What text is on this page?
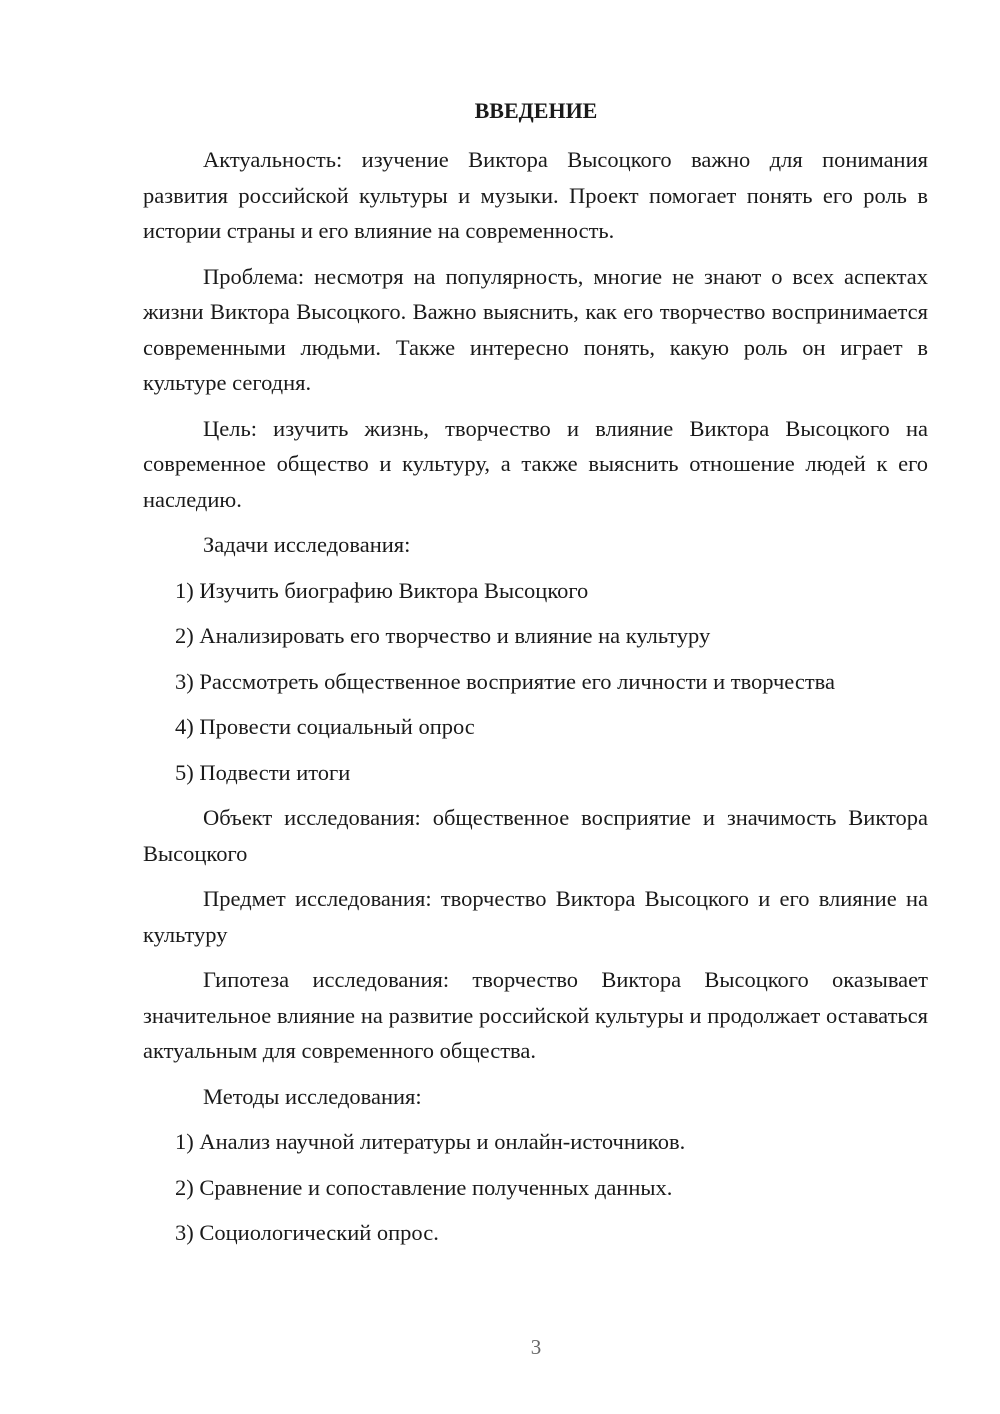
ВВЕДЕНИЕ

Актуальность: изучение Виктора Высоцкого важно для понимания развития российской культуры и музыки. Проект помогает понять его роль в истории страны и его влияние на современность.

Проблема: несмотря на популярность, многие не знают о всех аспектах жизни Виктора Высоцкого. Важно выяснить, как его творчество воспринимается современными людьми. Также интересно понять, какую роль он играет в культуре сегодня.

Цель: изучить жизнь, творчество и влияние Виктора Высоцкого на современное общество и культуру, а также выяснить отношение людей к его наследию.

Задачи исследования:

1) Изучить биографию Виктора Высоцкого

2) Анализировать его творчество и влияние на культуру

3) Рассмотреть общественное восприятие его личности и творчества

4) Провести социальный опрос

5) Подвести итоги

Объект исследования: общественное восприятие и значимость Виктора Высоцкого

Предмет исследования: творчество Виктора Высоцкого и его влияние на культуру

Гипотеза исследования: творчество Виктора Высоцкого оказывает значительное влияние на развитие российской культуры и продолжает оставаться актуальным для современного общества.

Методы исследования:

1) Анализ научной литературы и онлайн-источников.

2) Сравнение и сопоставление полученных данных.

3) Социологический опрос.

3
